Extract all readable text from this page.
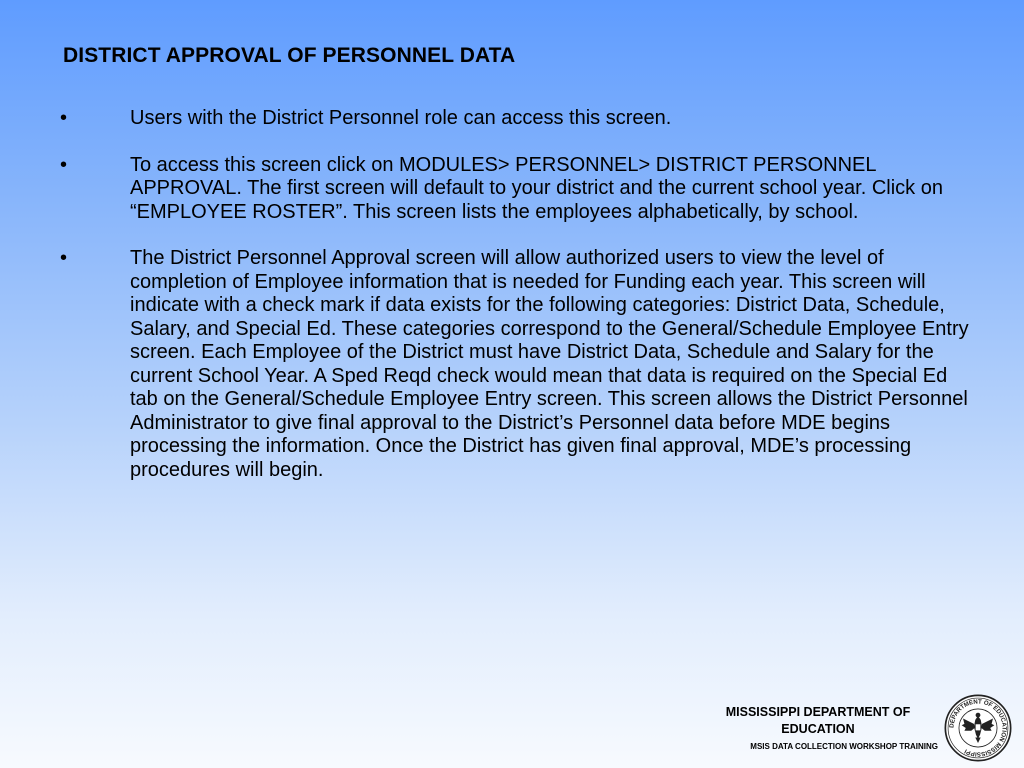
DISTRICT APPROVAL OF PERSONNEL DATA
•	Users with the District Personnel role can access this screen.
•	To access this screen click on MODULES> PERSONNEL> DISTRICT PERSONNEL APPROVAL. The first screen will default to your district and the current school year. Click on “EMPLOYEE ROSTER”. This screen lists the employees alphabetically, by school.
•	The District Personnel Approval screen will allow authorized users to view the level of completion of Employee information that is needed for Funding each year. This screen will indicate with a check mark if data exists for the following categories: District Data, Schedule, Salary, and Special Ed. These categories correspond to the General/Schedule Employee Entry screen. Each Employee of the District must have District Data, Schedule and Salary for the current School Year. A Sped Reqd check would mean that data is required on the Special Ed tab on the General/Schedule Employee Entry screen. This screen allows the District Personnel Administrator to give final approval to the District’s Personnel data before MDE begins processing the information. Once the District has given final approval, MDE’s processing procedures will begin.
MISSISSIPPI DEPARTMENT OF
EDUCATION
MSIS DATA COLLECTION WORKSHOP TRAINING
DEPARTMENT OF EDUCATION MISSISSIPPI
